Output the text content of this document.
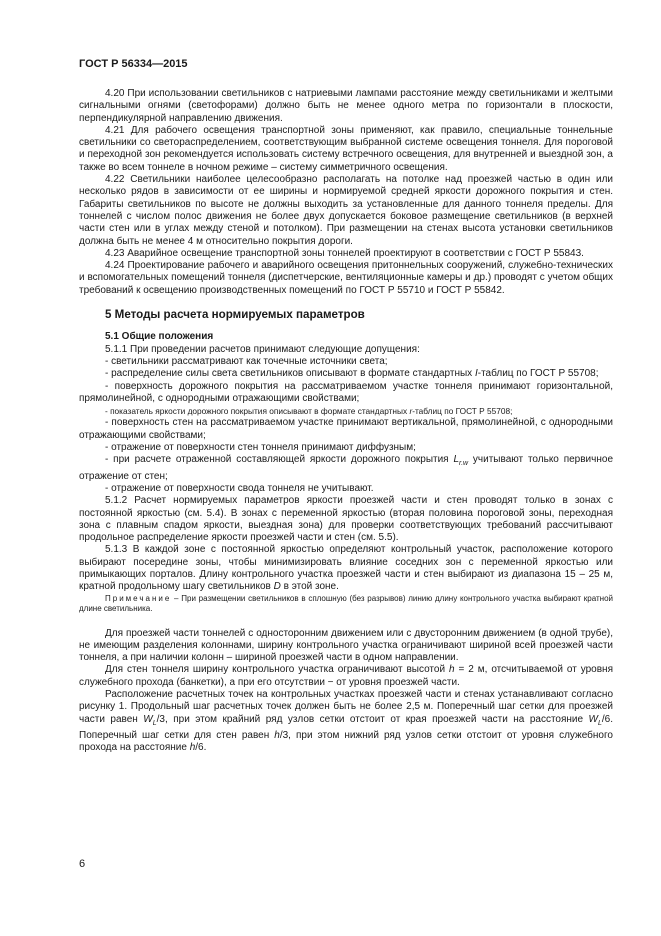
ГОСТ Р 56334—2015

4.20 При использовании светильников с натриевыми лампами расстояние между светильниками и желтыми сигнальными огнями (светофорами) должно быть не менее одного метра по горизонтали в плоскости, перпендикулярной направлению движения.

4.21 Для рабочего освещения транспортной зоны применяют, как правило, специальные тоннельные светильники со светораспределением, соответствующим выбранной системе освещения тоннеля. Для пороговой и переходной зон рекомендуется использовать систему встречного освещения, для внутренней и выездной зон, а также во всем тоннеле в ночном режиме – систему симметричного освещения.

4.22 Светильники наиболее целесообразно располагать на потолке над проезжей частью в один или несколько рядов в зависимости от ее ширины и нормируемой средней яркости дорожного покрытия и стен. Габариты светильников по высоте не должны выходить за установленные для данного тоннеля пределы. Для тоннелей с числом полос движения не более двух допускается боковое размещение светильников (в верхней части стен или в углах между стеной и потолком). При размещении на стенах высота установки светильников должна быть не менее 4 м относительно покрытия дороги.

4.23 Аварийное освещение транспортной зоны тоннелей проектируют в соответствии с ГОСТ Р 55843.

4.24 Проектирование рабочего и аварийного освещения притоннельных сооружений, служебно-технических и вспомогательных помещений тоннеля (диспетчерские, вентиляционные камеры и др.) проводят с учетом общих требований к освещению производственных помещений по ГОСТ Р 55710 и ГОСТ Р 55842.

5 Методы расчета нормируемых параметров

5.1 Общие положения

5.1.1 При проведении расчетов принимают следующие допущения:

- светильники рассматривают как точечные источники света;

- распределение силы света светильников описывают в формате стандартных I-таблиц по ГОСТ Р 55708;

- поверхность дорожного покрытия на рассматриваемом участке тоннеля принимают горизонтальной, прямолинейной, с однородными отражающими свойствами;

- показатель яркости дорожного покрытия описывают в формате стандартных r-таблиц по ГОСТ Р 55708;

- поверхность стен на рассматриваемом участке принимают вертикальной, прямолинейной, с однородными отражающими свойствами;

- отражение от поверхности стен тоннеля принимают диффузным;

- при расчете отраженной составляющей яркости дорожного покрытия $L_{r.w}$ учитывают только первичное отражение от стен;

- отражение от поверхности свода тоннеля не учитывают.

5.1.2 Расчет нормируемых параметров яркости проезжей части и стен проводят только в зонах с постоянной яркостью (см. 5.4). В зонах с переменной яркостью (вторая половина пороговой зоны, переходная зона с плавным спадом яркости, выездная зона) для проверки соответствующих требований рассчитывают продольное распределение яркости проезжей части и стен (см. 5.5).

5.1.3 В каждой зоне с постоянной яркостью определяют контрольный участок, расположение которого выбирают посередине зоны, чтобы минимизировать влияние соседних зон с переменной яркостью или примыкающих порталов. Длину контрольного участка проезжей части и стен выбирают из диапазона 15 – 25 м, кратной продольному шагу светильников D в этой зоне.

Примечание – При размещении светильников в сплошную (без разрывов) линию длину контрольного участка выбирают кратной длине светильника.

Для проезжей части тоннелей с односторонним движением или с двусторонним движением (в одной трубе), не имеющим разделения колоннами, ширину контрольного участка ограничивают шириной всей проезжей части тоннеля, а при наличии колонн – шириной проезжей части в одном направлении.

Для стен тоннеля ширину контрольного участка ограничивают высотой h = 2 м, отсчитываемой от уровня служебного прохода (банкетки), а при его отсутствии − от уровня проезжей части.

Расположение расчетных точек на контрольных участках проезжей части и стенах устанавливают согласно рисунку 1. Продольный шаг расчетных точек должен быть не более 2,5 м. Поперечный шаг сетки для проезжей части равен $W_L/3$, при этом крайний ряд узлов сетки отстоит от края проезжей части на расстояние $W_L/6$. Поперечный шаг сетки для стен равен h/3, при этом нижний ряд узлов сетки отстоит от уровня служебного прохода на расстояние h/6.

6
